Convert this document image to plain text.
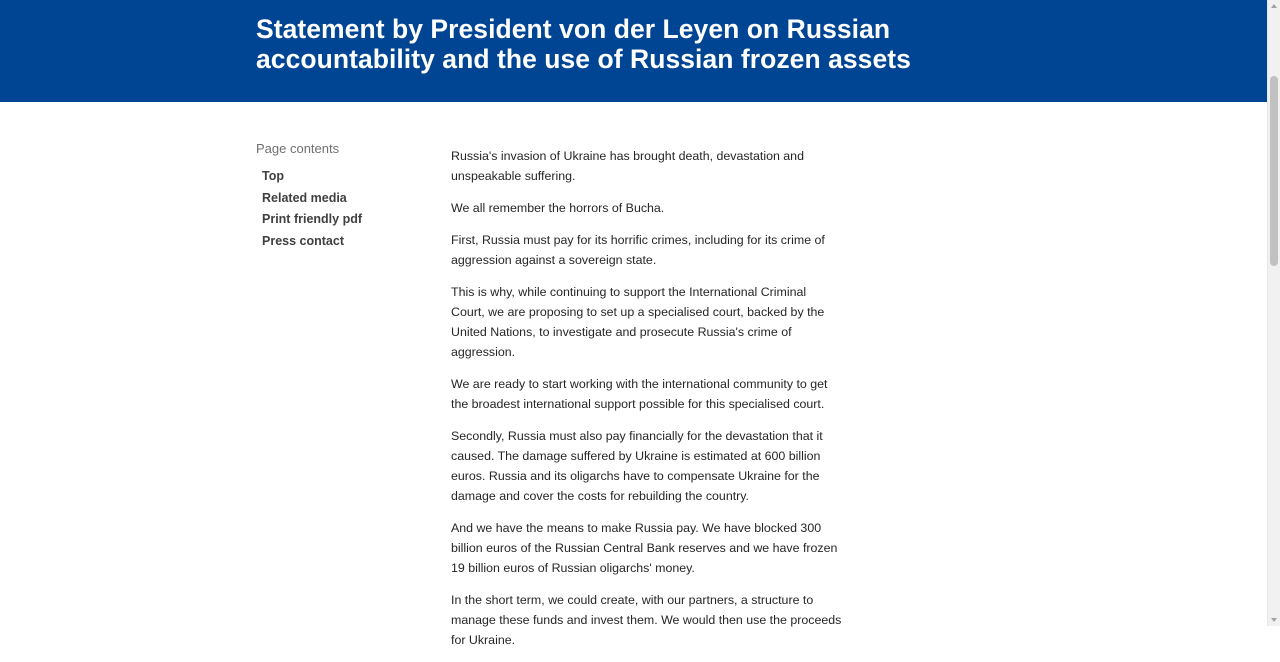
Statement by President von der Leyen on Russian accountability and the use of Russian frozen assets
Page contents
Top
Related media
Print friendly pdf
Press contact

Russia's invasion of Ukraine has brought death, devastation and unspeakable suffering.

We all remember the horrors of Bucha.

First, Russia must pay for its horrific crimes, including for its crime of aggression against a sovereign state.

This is why, while continuing to support the International Criminal Court, we are proposing to set up a specialised court, backed by the United Nations, to investigate and prosecute Russia's crime of aggression.

We are ready to start working with the international community to get the broadest international support possible for this specialised court.

Secondly, Russia must also pay financially for the devastation that it caused. The damage suffered by Ukraine is estimated at 600 billion euros. Russia and its oligarchs have to compensate Ukraine for the damage and cover the costs for rebuilding the country.

And we have the means to make Russia pay. We have blocked 300 billion euros of the Russian Central Bank reserves and we have frozen 19 billion euros of Russian oligarchs' money.

In the short term, we could create, with our partners, a structure to manage these funds and invest them. We would then use the proceeds for Ukraine.
